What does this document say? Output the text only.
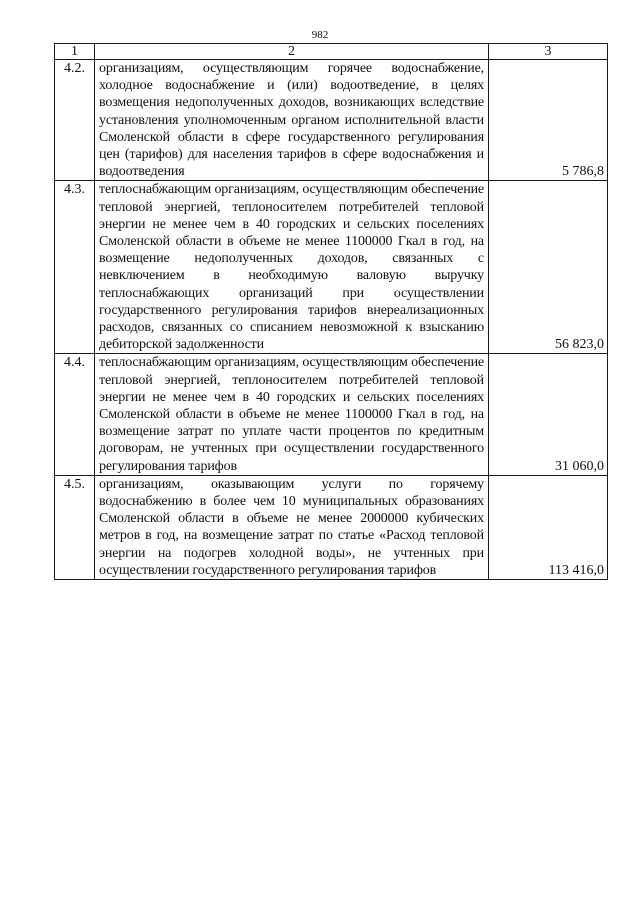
982
1	2	3
4.2.	организациям, осуществляющим горячее водоснабжение, холодное водоснабжение и (или) водоотведение, в целях возмещения недополученных доходов, возникающих вследствие установления уполномоченным органом исполнительной власти Смоленской области в сфере государственного регулирования цен (тарифов) для населения тарифов в сфере водоснабжения и водоотведения	5 786,8
4.3.	теплоснабжающим организациям, осуществляющим обеспечение тепловой энергией, теплоносителем потребителей тепловой энергии не менее чем в 40 городских и сельских поселениях Смоленской области в объеме не менее 1100000 Гкал в год, на возмещение недополученных доходов, связанных с невключением в необходимую валовую выручку теплоснабжающих организаций при осуществлении государственного регулирования тарифов внереализационных расходов, связанных со списанием невозможной к взысканию дебиторской задолженности	56 823,0
4.4.	теплоснабжающим организациям, осуществляющим обеспечение тепловой энергией, теплоносителем потребителей тепловой энергии не менее чем в 40 городских и сельских поселениях Смоленской области в объеме не менее 1100000 Гкал в год, на возмещение затрат по уплате части процентов по кредитным договорам, не учтенных при осуществлении государственного регулирования тарифов	31 060,0
4.5.	организациям, оказывающим услуги по горячему водоснабжению в более чем 10 муниципальных образованиях Смоленской области в объеме не менее 2000000 кубических метров в год, на возмещение затрат по статье «Расход тепловой энергии на подогрев холодной воды», не учтенных при осуществлении государственного регулирования тарифов	113 416,0
